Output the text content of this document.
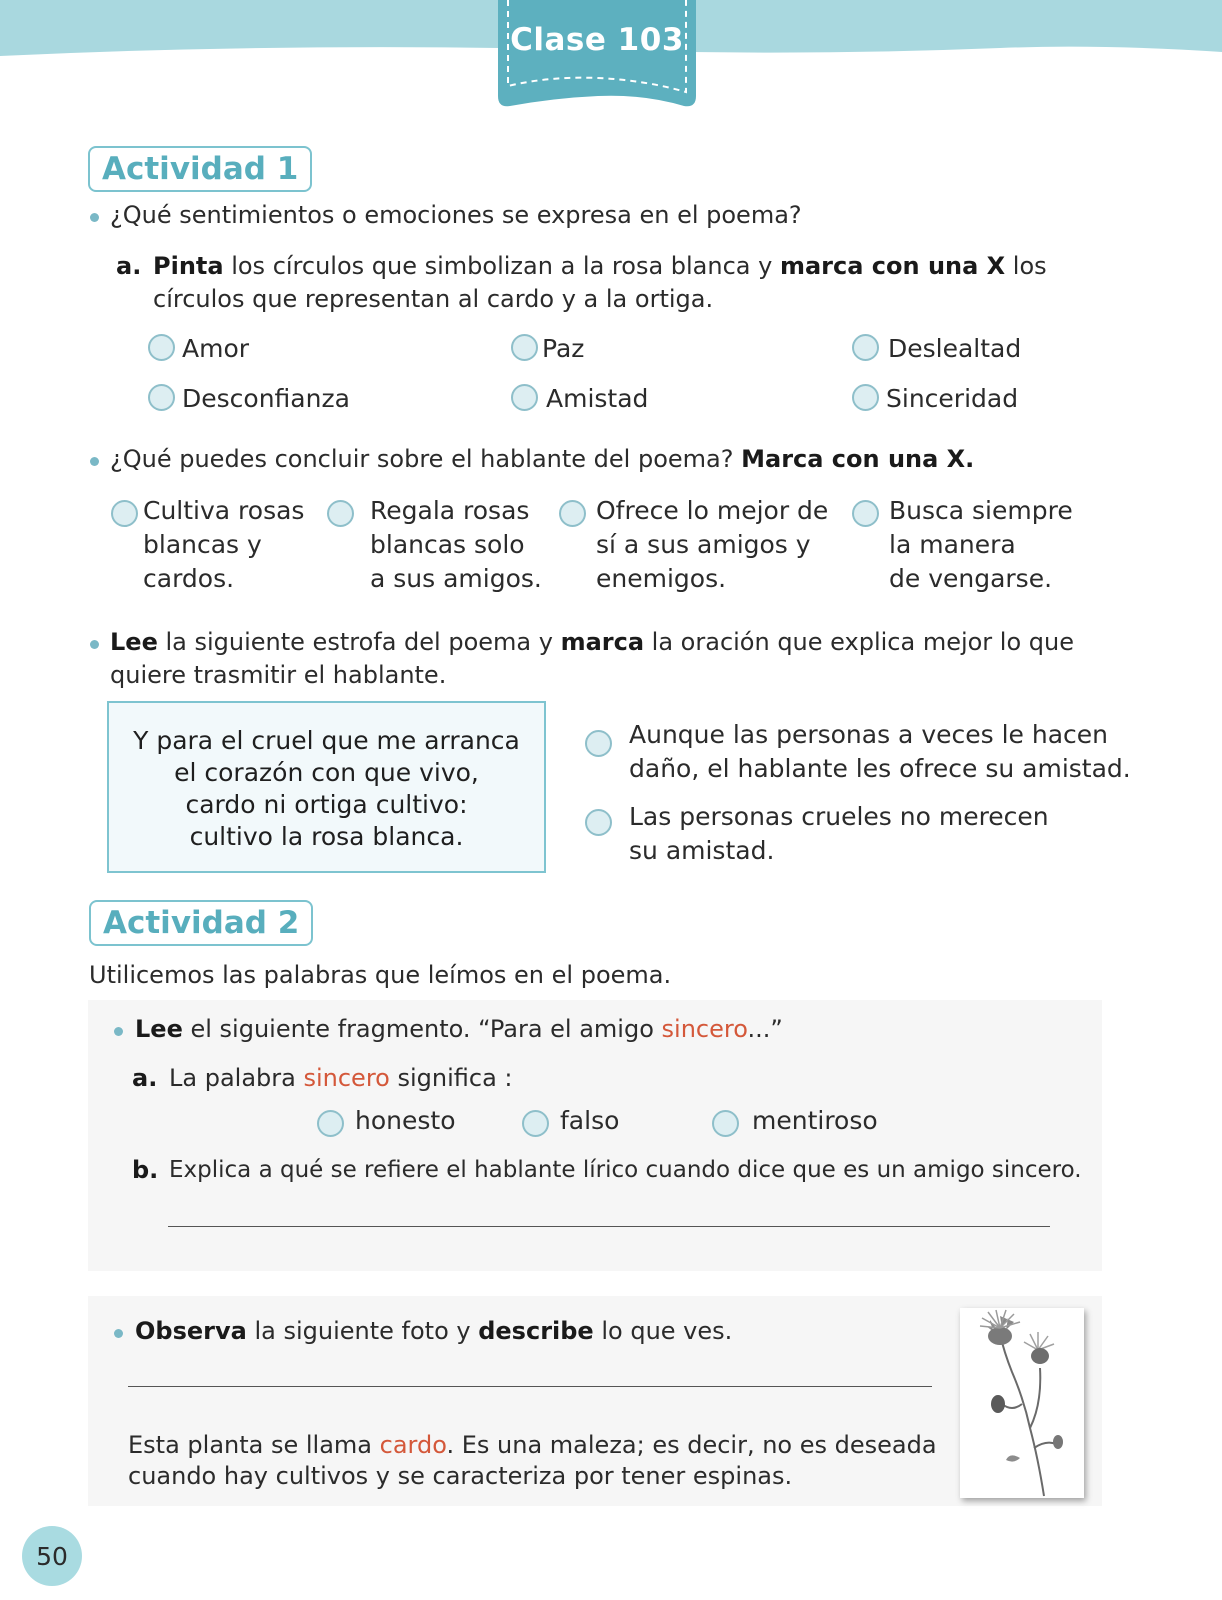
Clase 103
Actividad 1
¿Qué sentimientos o emociones se expresa en el poema?
a. Pinta los círculos que simbolizan a la rosa blanca y marca con una X los
círculos que representan al cardo y a la ortiga.
Amor	Paz	Deslealtad
Desconfianza	Amistad	Sinceridad
¿Qué puedes concluir sobre el hablante del poema? Marca con una X.
Cultiva rosas
blancas y
cardos.
Regala rosas
blancas solo
a sus amigos.
Ofrece lo mejor de
sí a sus amigos y
enemigos.
Busca siempre
la manera
de vengarse.
Lee la siguiente estrofa del poema y marca la oración que explica mejor lo que
quiere trasmitir el hablante.
Y para el cruel que me arranca
el corazón con que vivo,
cardo ni ortiga cultivo:
cultivo la rosa blanca.
Aunque las personas a veces le hacen
daño, el hablante les ofrece su amistad.
Las personas crueles no merecen
su amistad.
Actividad 2
Utilicemos las palabras que leímos en el poema.
Lee el siguiente fragmento. “Para el amigo sincero...”
a. La palabra sincero significa :
honesto	falso	mentiroso
b. Explica a qué se refiere el hablante lírico cuando dice que es un amigo sincero.
Observa la siguiente foto y describe lo que ves.
Esta planta se llama cardo. Es una maleza; es decir, no es deseada
cuando hay cultivos y se caracteriza por tener espinas.
50
